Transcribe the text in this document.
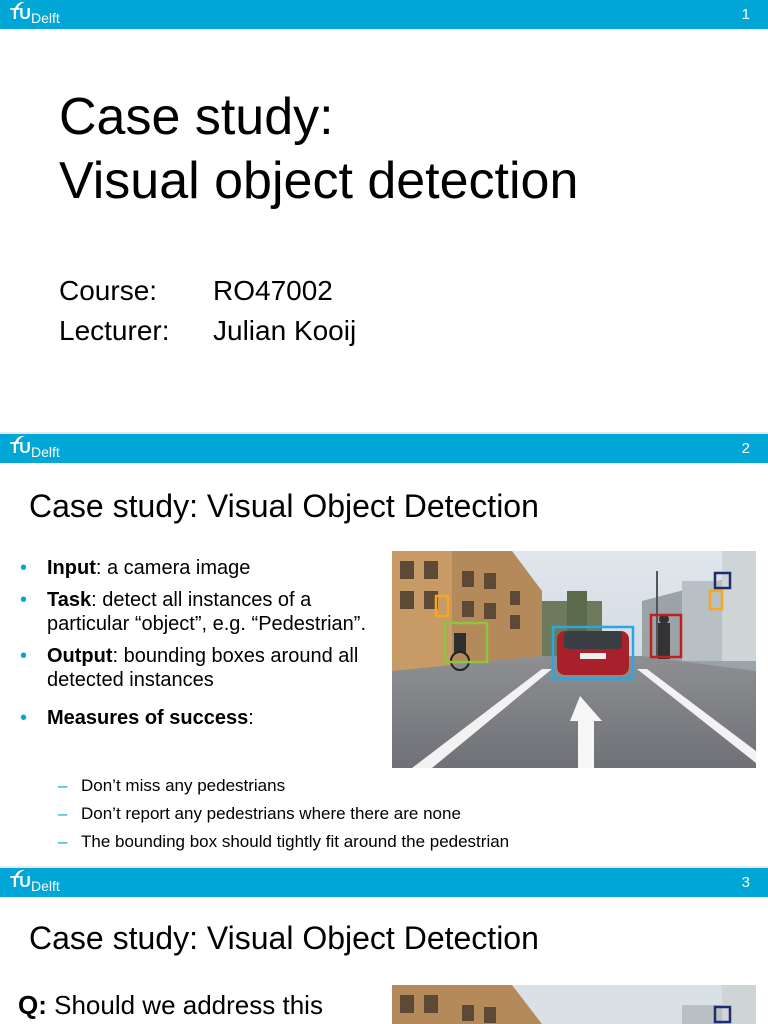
TU Delft	1
Case study:
Visual object detection
Course: RO47002
Lecturer: Julian Kooij
TU Delft	2
Case study: Visual Object Detection
• Input: a camera image
• Task: detect all instances of a particular “object”, e.g. “Pedestrian”.
• Output: bounding boxes around all detected instances
• Measures of success:
– Don’t miss any pedestrians
– Don’t report any pedestrians where there are none
– The bounding box should tightly fit around the pedestrian
TU Delft	3
Case study: Visual Object Detection
Q: Should we address this
